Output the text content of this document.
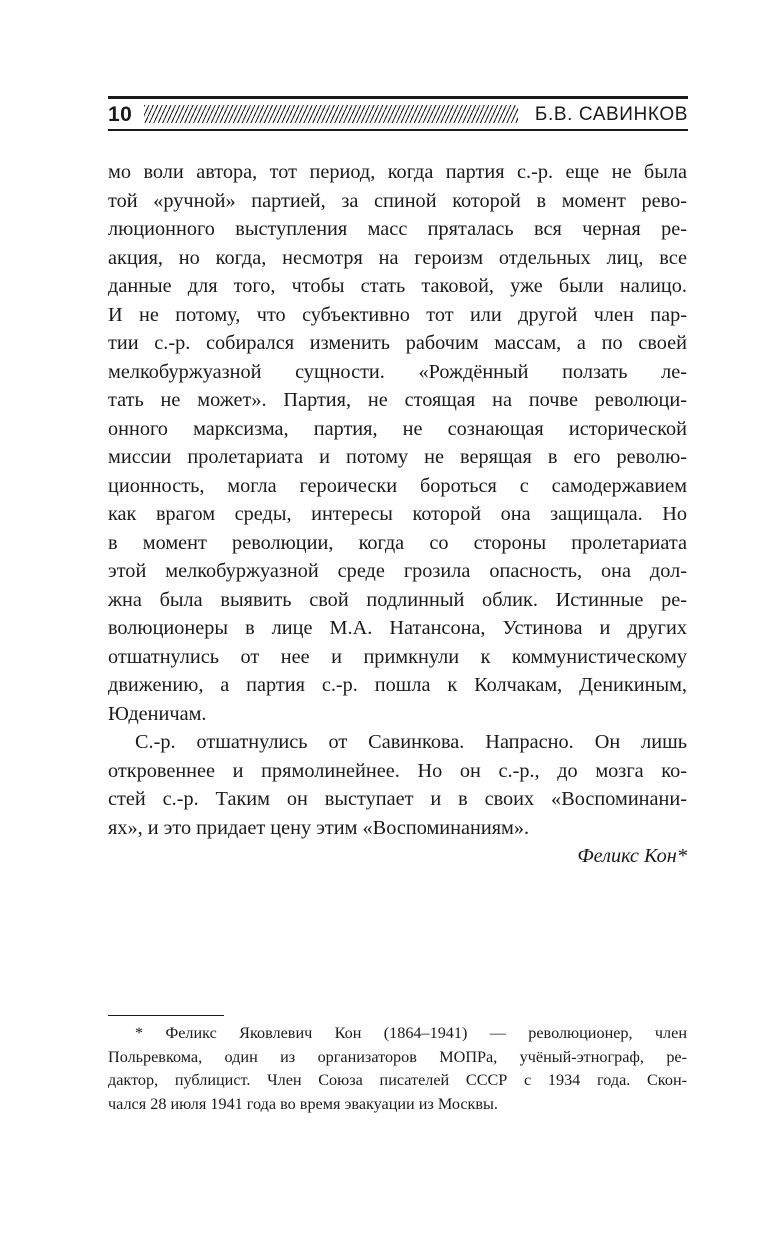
10	Б.В. САВИНКОВ
мо воли автора, тот период, когда партия с.-р. еще не была
той «ручной» партией, за спиной которой в момент рево-
люционного выступления масс пряталась вся черная ре-
акция, но когда, несмотря на героизм отдельных лиц, все
данные для того, чтобы стать таковой, уже были налицо.
И не потому, что субъективно тот или другой член пар-
тии с.-р. собирался изменить рабочим массам, а по своей
мелкобуржуазной сущности. «Рождённый ползать ле-
тать не может». Партия, не стоящая на почве революци-
онного марксизма, партия, не сознающая исторической
миссии пролетариата и потому не верящая в его револю-
ционность, могла героически бороться с самодержавием
как врагом среды, интересы которой она защищала. Но
в момент революции, когда со стороны пролетариата
этой мелкобуржуазной среде грозила опасность, она дол-
жна была выявить свой подлинный облик. Истинные ре-
волюционеры в лице М.А. Натансона, Устинова и других
отшатнулись от нее и примкнули к коммунистическому
движению, а партия с.-р. пошла к Колчакам, Деникиным,
Юденичам.
С.-р. отшатнулись от Савинкова. Напрасно. Он лишь
откровеннее и прямолинейнее. Но он с.-р., до мозга ко-
стей с.-р. Таким он выступает и в своих «Воспоминани-
ях», и это придает цену этим «Воспоминаниям».
Феликс Кон*
* Феликс Яковлевич Кон (1864–1941) — революционер, член
Польревкома, один из организаторов МОПРа, учёный-этнограф, ре-
дактор, публицист. Член Союза писателей СССР с 1934 года. Скон-
чался 28 июля 1941 года во время эвакуации из Москвы.
